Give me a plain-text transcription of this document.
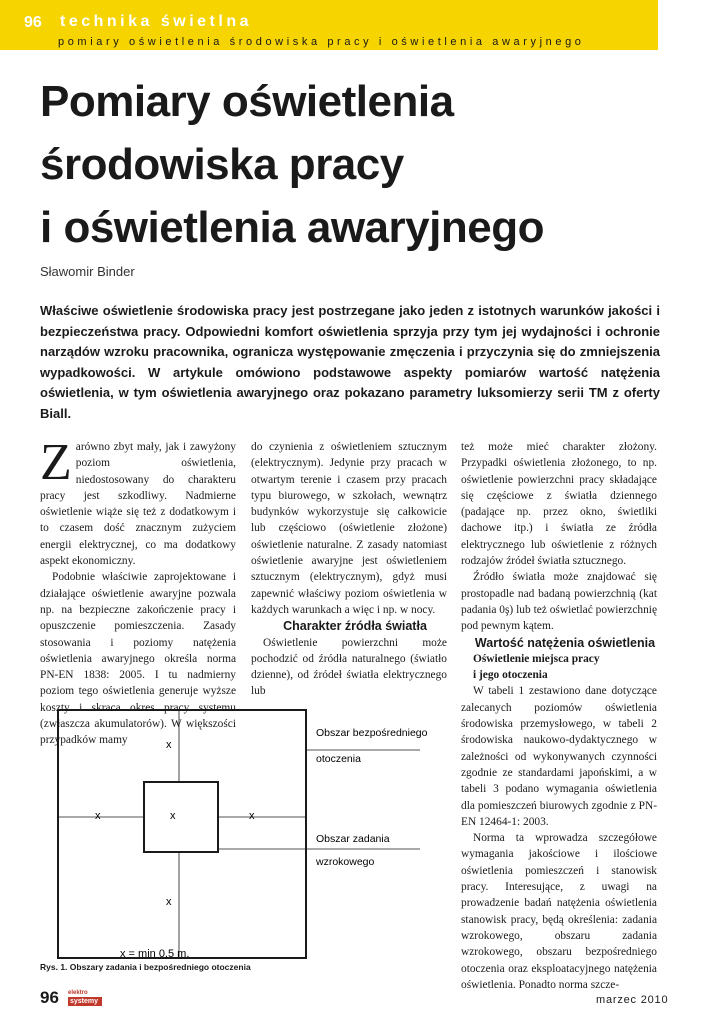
96 technika świetlna
pomiary oświetlenia środowiska pracy i oświetlenia awaryjnego
Pomiary oświetlenia
środowiska pracy
i oświetlenia awaryjnego
Sławomir Binder

Właściwe oświetlenie środowiska pracy jest postrzegane jako jeden z istotnych warunków jakości i bezpieczeństwa pracy. Odpowiedni komfort oświetlenia sprzyja przy tym jej wydajności i ochronie narządów wzroku pracownika, ogranicza występowanie zmęczenia i przyczynia się do zmniejszenia wypadkowości. W artykule omówiono podstawowe aspekty pomiarów wartość natężenia oświetlenia, w tym oświetlenia awaryjnego oraz pokazano parametry luksomierzy serii TM z oferty Biall.

Zarówno zbyt mały, jak i zawyżony poziom oświetlenia, niedostosowany do charakteru pracy jest szkodliwy. Nadmierne oświetlenie wiąże się też z dodatkowym i to czasem dość znacznym zużyciem energii elektrycznej, co ma dodatkowy aspekt ekonomiczny.

Podobnie właściwie zaprojektowane i działające oświetlenie awaryjne pozwala np. na bezpieczne zakończenie pracy i opuszczenie pomieszczenia. Zasady stosowania i poziomy natężenia oświetlenia awaryjnego określa norma PN-EN 1838: 2005. I tu nadmierny poziom tego oświetlenia generuje wyższe koszty i skraca okres pracy systemu (zwłaszcza akumulatorów). W większości przypadków mamy

do czynienia z oświetleniem sztucznym (elektrycznym). Jedynie przy pracach w otwartym terenie i czasem przy pracach typu biurowego, w szkołach, wewnątrz budynków wykorzystuje się całkowicie lub częściowo (oświetlenie złożone) oświetlenie naturalne. Z zasady natomiast oświetlenie awaryjne jest oświetleniem sztucznym (elektrycznym), gdyż musi zapewnić właściwy poziom oświetlenia w każdych warunkach a więc i np. w nocy.

Charakter źródła światła

Oświetlenie powierzchni może pochodzić od źródła naturalnego (światło dzienne), od źródeł światła elektrycznego lub

też może mieć charakter złożony. Przypadki oświetlenia złożonego, to np. oświetlenie powierzchni pracy składające się częściowe z światła dziennego (padające np. przez okno, świetliki dachowe itp.) i światła ze źródła elektrycznego lub oświetlenie z różnych rodzajów źródeł światła sztucznego.

Źródło światła może znajdować się prostopadle nad badaną powierzchnią (kat padania 0ş) lub też oświetlać powierzchnię pod pewnym kątem.

Wartość natężenia oświetlenia

Oświetlenie miejsca pracy

i jego otoczenia

W tabeli 1 zestawiono dane dotyczące zalecanych poziomów oświetlenia środowiska przemysłowego, w tabeli 2 środowiska naukowo-dydaktycznego w zależności od wykonywanych czynności zgodnie ze standardami japońskimi, a w tabeli 3 podano wymagania oświetlenia dla pomieszczeń biurowych zgodnie z PN-EN 12464-1: 2003.

Norma ta wprowadza szczegółowe wymagania jakościowe i ilościowe oświetlenia pomieszczeń i stanowisk pracy. Interesujące, z uwagi na prowadzenie badań natężenia oświetlenia stanowisk pracy, będą określenia: zadania wzrokowego, obszaru zadania wzrokowego, obszaru bezpośredniego otoczenia oraz eksploatacyjnego natężenia oświetlenia. Ponadto norma szcze-

x
x
x	x	x
Obszar bezpośredniego
otoczenia
Obszar zadania
wzrokowego
x = min 0,5 m.
Rys. 1. Obszary zadania i bezpośredniego otoczenia
96 elektro
systemy	marzec 2010
